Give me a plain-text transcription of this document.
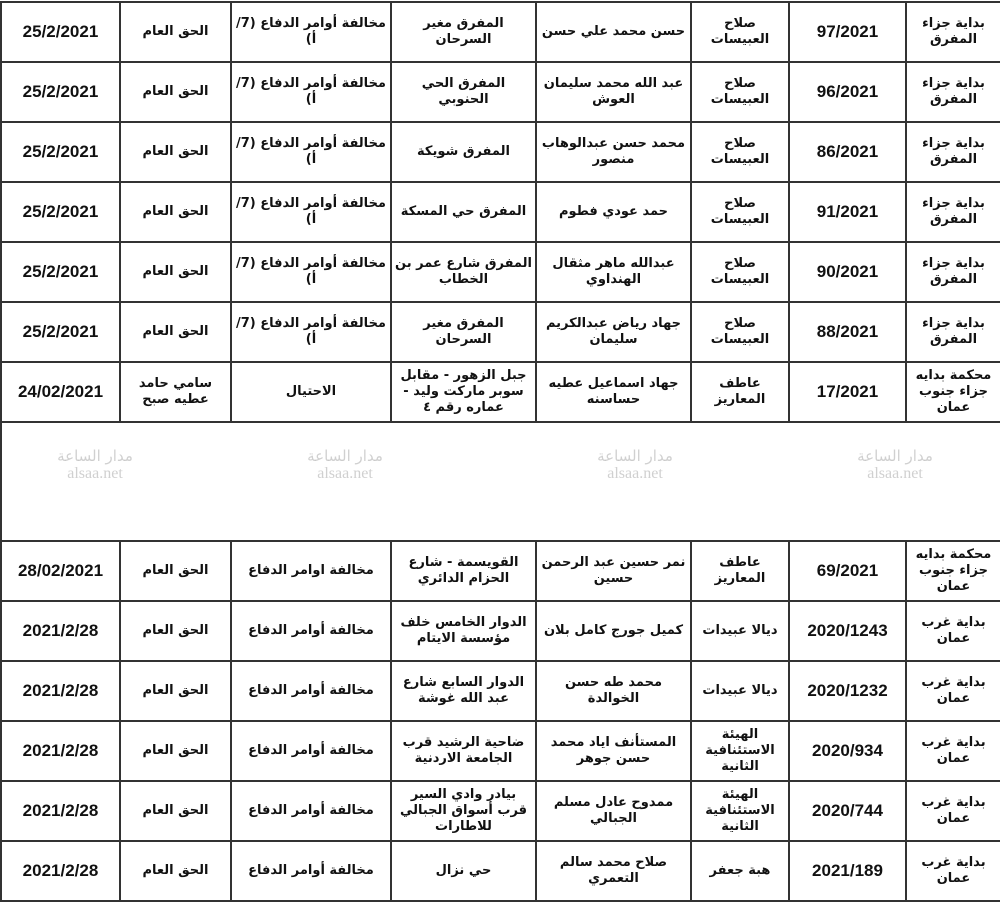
بداية جزاء المفرق	97/2021	صلاح العبيسات	حسن محمد علي حسن	المفرق مغير السرحان	مخالفة أوامر الدفاع (7/أ)	الحق العام	25/2/2021
بداية جزاء المفرق	96/2021	صلاح العبيسات	عبد الله محمد سليمان العوش	المفرق الحي الحنوبي	مخالفة أوامر الدفاع (7/أ)	الحق العام	25/2/2021
بداية جزاء المفرق	86/2021	صلاح العبيسات	محمد حسن عبدالوهاب منصور	المفرق شويكة	مخالفة أوامر الدفاع (7/أ)	الحق العام	25/2/2021
بداية جزاء المفرق	91/2021	صلاح العبيسات	حمد عودي فطوم	المفرق حي المسكة	مخالفة أوامر الدفاع (7/أ)	الحق العام	25/2/2021
بداية جزاء المفرق	90/2021	صلاح العبيسات	عبدالله ماهر مثقال الهنداوي	المفرق شارع عمر بن الخطاب	مخالفة أوامر الدفاع (7/أ)	الحق العام	25/2/2021
بداية جزاء المفرق	88/2021	صلاح العبيسات	جهاد رياض عبدالكريم سليمان	المفرق مغير السرحان	مخالفة أوامر الدفاع (7/أ)	الحق العام	25/2/2021
محكمة بدايه جزاء جنوب عمان	17/2021	عاطف المعاريز	جهاد اسماعيل عطيه حساسنه	جبل الزهور - مقابل سوبر ماركت وليد - عماره رقم ٤	الاحتيال	سامي حامد عطيه صبح	24/02/2021

محكمة بدايه جزاء جنوب عمان	69/2021	عاطف المعاريز	نمر حسين عبد الرحمن حسين	القويسمة - شارع الحزام الدائري	مخالفة اوامر الدفاع	الحق العام	28/02/2021
بداية غرب عمان	2020/1243	ديالا عبيدات	كميل جورج كامل بلان	الدوار الخامس خلف مؤسسة الايتام	مخالفة أوامر الدفاع	الحق العام	2021/2/28
بداية غرب عمان	2020/1232	ديالا عبيدات	محمد طه حسن الخوالدة	الدوار السابع شارع عبد الله غوشة	مخالفة أوامر الدفاع	الحق العام	2021/2/28
بداية غرب عمان	2020/934	الهيئة الاستئنافية الثانية	المستأنف اياد محمد حسن جوهر	ضاحية الرشيد قرب الجامعة الاردنية	مخالفة أوامر الدفاع	الحق العام	2021/2/28
بداية غرب عمان	2020/744	الهيئة الاستئنافية الثانية	ممدوح عادل مسلم الجبالي	بيادر وادي السير قرب أسواق الجبالي للاطارات	مخالفة أوامر الدفاع	الحق العام	2021/2/28
بداية غرب عمان	2021/189	هبة جعفر	صلاح محمد سالم التعمري	حي نزال	مخالفة أوامر الدفاع	الحق العام	2021/2/28
مدار الساعة
alsaa.net
مدار الساعة
alsaa.net
مدار الساعة
alsaa.net
مدار الساعة
alsaa.net
